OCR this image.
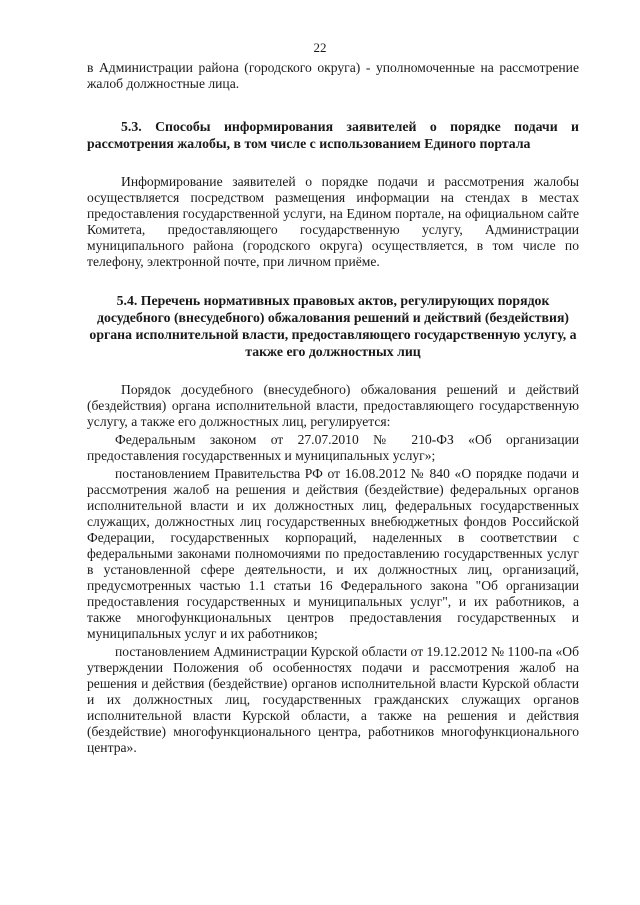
22

в Администрации района (городского округа) - уполномоченные на рассмотрение жалоб должностные лица.

5.3. Способы информирования заявителей о порядке подачи и рассмотрения жалобы, в том числе с использованием Единого портала

Информирование заявителей о порядке подачи и рассмотрения жалобы осуществляется посредством размещения информации на стендах в местах предоставления государственной услуги, на Едином портале, на официальном сайте Комитета, предоставляющего государственную услугу, Администрации муниципального района (городского округа) осуществляется, в том числе по телефону, электронной почте, при личном приёме.

5.4. Перечень нормативных правовых актов, регулирующих порядок досудебного (внесудебного) обжалования решений и действий (бездействия) органа исполнительной власти, предоставляющего государственную услугу, а также его должностных лиц

Порядок досудебного (внесудебного) обжалования решений и действий (бездействия) органа исполнительной власти, предоставляющего государственную услугу, а также его должностных лиц, регулируется:

Федеральным законом от 27.07.2010 № 210-ФЗ «Об организации предоставления государственных и муниципальных услуг»;

постановлением Правительства РФ от 16.08.2012 № 840 «О порядке подачи и рассмотрения жалоб на решения и действия (бездействие) федеральных органов исполнительной власти и их должностных лиц, федеральных государственных служащих, должностных лиц государственных внебюджетных фондов Российской Федерации, государственных корпораций, наделенных в соответствии с федеральными законами полномочиями по предоставлению государственных услуг в установленной сфере деятельности, и их должностных лиц, организаций, предусмотренных частью 1.1 статьи 16 Федерального закона "Об организации предоставления государственных и муниципальных услуг", и их работников, а также многофункциональных центров предоставления государственных и муниципальных услуг и их работников;

постановлением Администрации Курской области от 19.12.2012 № 1100-па «Об утверждении Положения об особенностях подачи и рассмотрения жалоб на решения и действия (бездействие) органов исполнительной власти Курской области и их должностных лиц, государственных гражданских служащих органов исполнительной власти Курской области, а также на решения и действия (бездействие) многофункционального центра, работников многофункционального центра».
